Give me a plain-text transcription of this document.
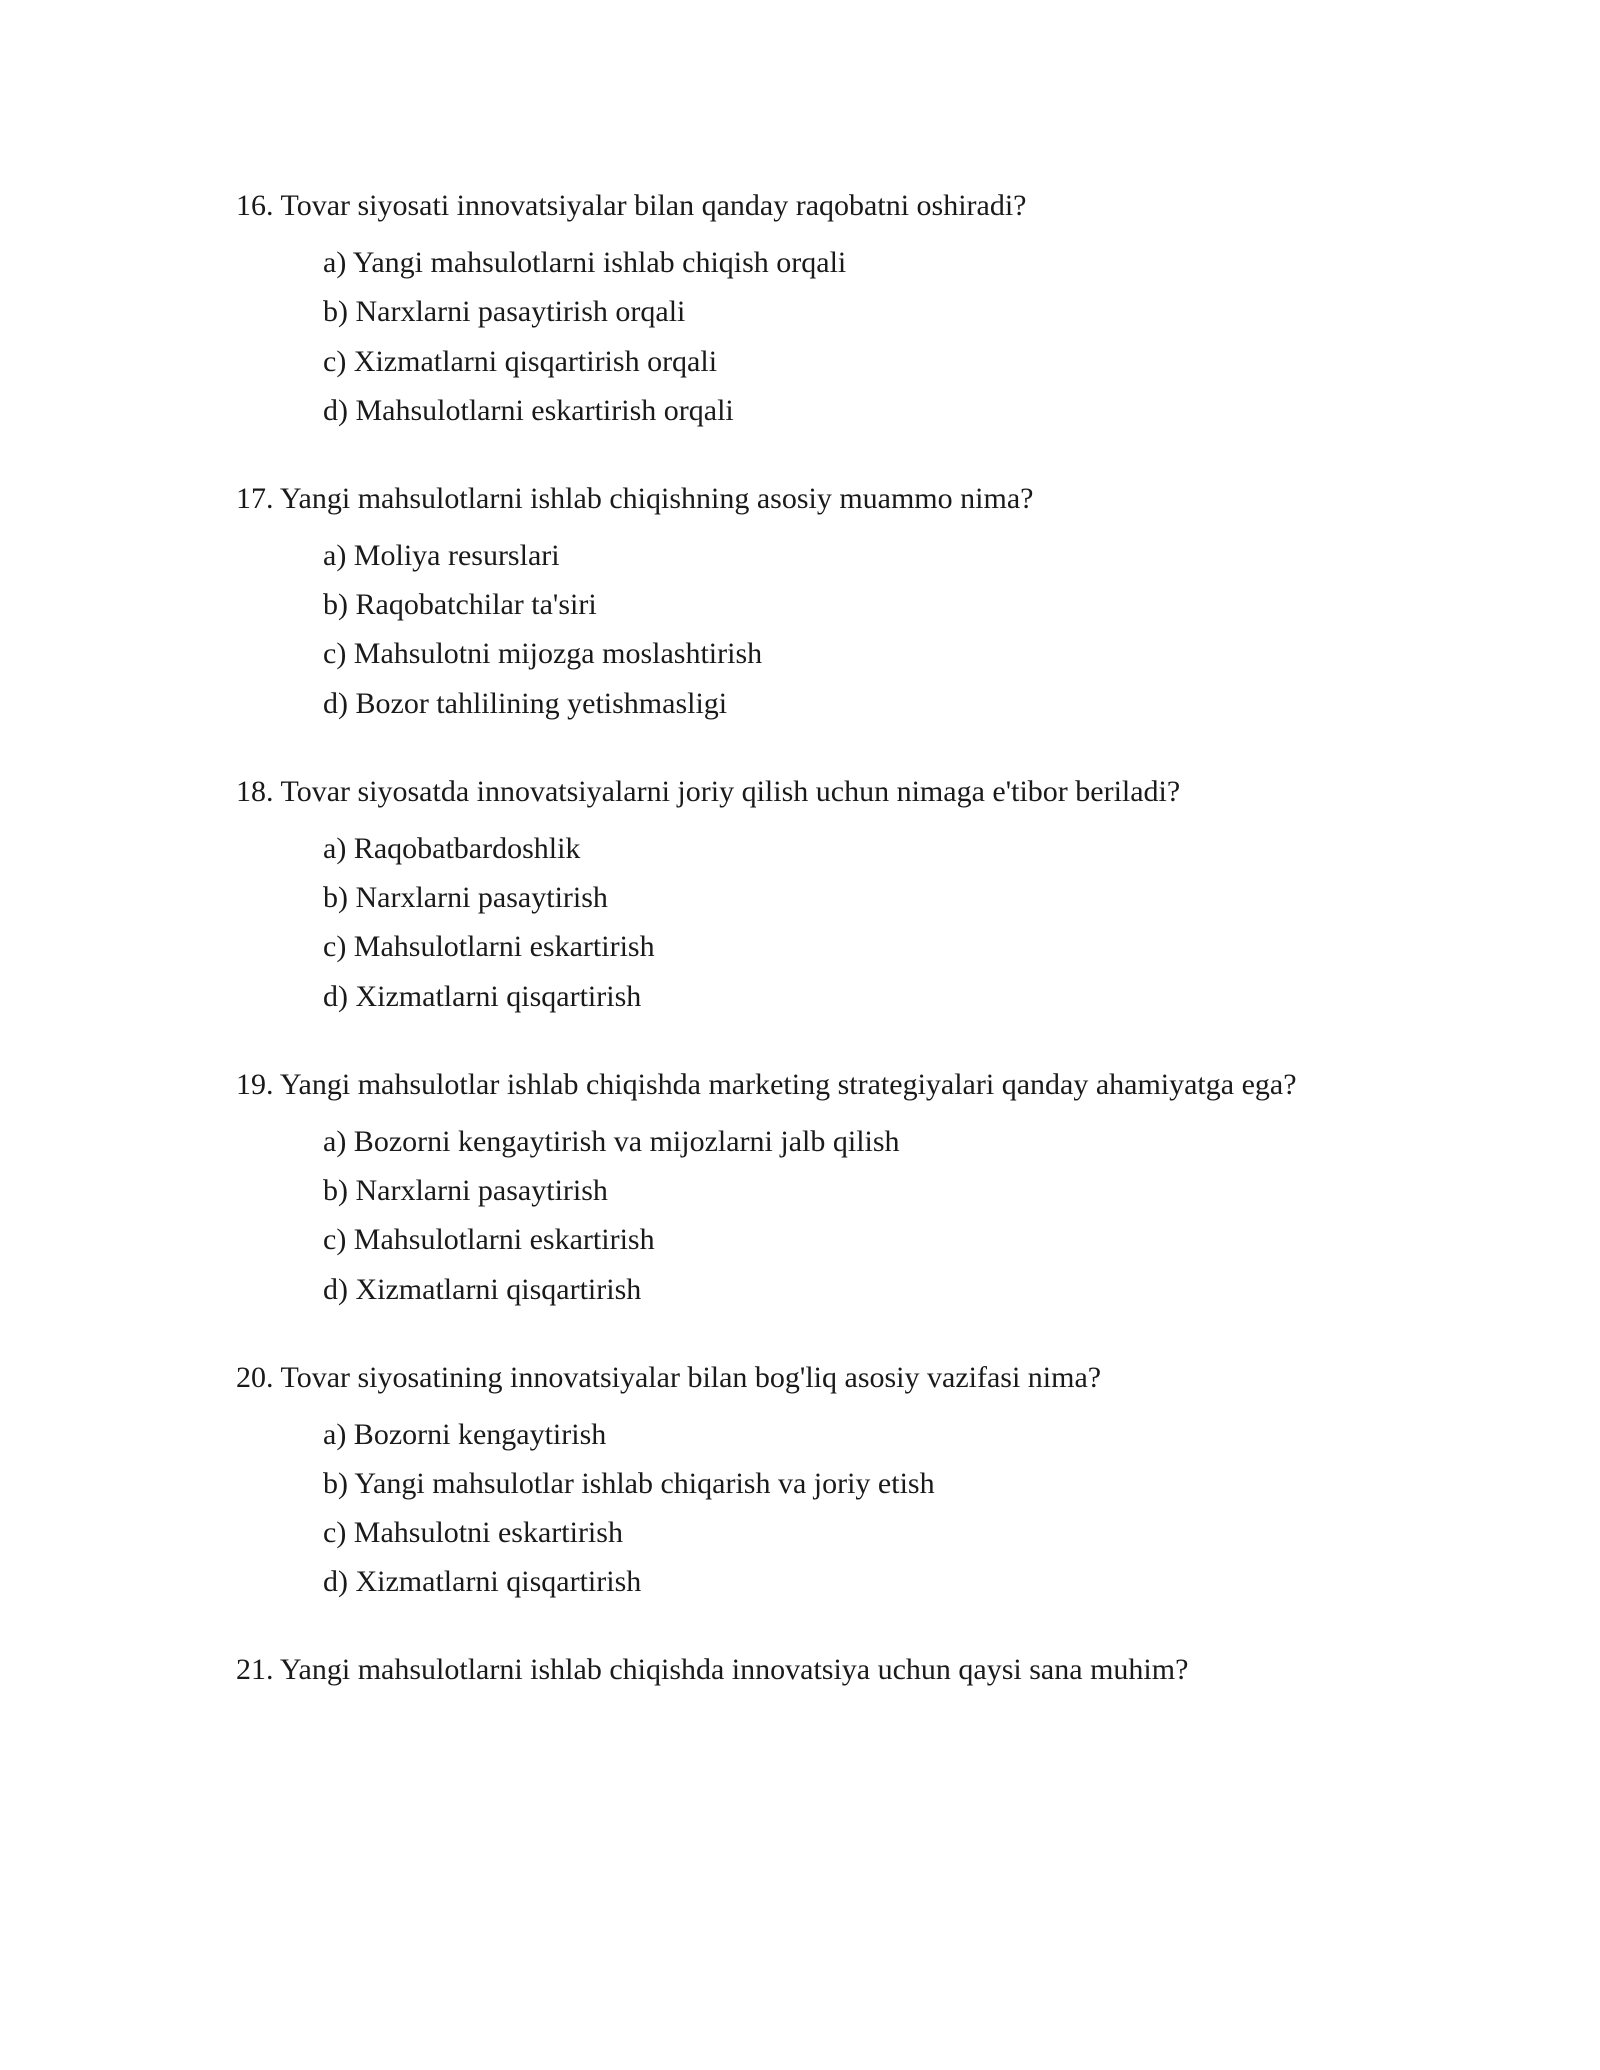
16. Tovar siyosati innovatsiyalar bilan qanday raqobatni oshiradi?

a) Yangi mahsulotlarni ishlab chiqish orqali
b) Narxlarni pasaytirish orqali
c) Xizmatlarni qisqartirish orqali
d) Mahsulotlarni eskartirish orqali

17. Yangi mahsulotlarni ishlab chiqishning asosiy muammo nima?

a) Moliya resurslari
b) Raqobatchilar ta'siri
c) Mahsulotni mijozga moslashtirish
d) Bozor tahlilining yetishmasligi

18. Tovar siyosatda innovatsiyalarni joriy qilish uchun nimaga e'tibor beriladi?

a) Raqobatbardoshlik
b) Narxlarni pasaytirish
c) Mahsulotlarni eskartirish
d) Xizmatlarni qisqartirish

19. Yangi mahsulotlar ishlab chiqishda marketing strategiyalari qanday ahamiyatga ega?

a) Bozorni kengaytirish va mijozlarni jalb qilish
b) Narxlarni pasaytirish
c) Mahsulotlarni eskartirish
d) Xizmatlarni qisqartirish

20. Tovar siyosatining innovatsiyalar bilan bog'liq asosiy vazifasi nima?

a) Bozorni kengaytirish
b) Yangi mahsulotlar ishlab chiqarish va joriy etish
c) Mahsulotni eskartirish
d) Xizmatlarni qisqartirish

21. Yangi mahsulotlarni ishlab chiqishda innovatsiya uchun qaysi sana muhim?
